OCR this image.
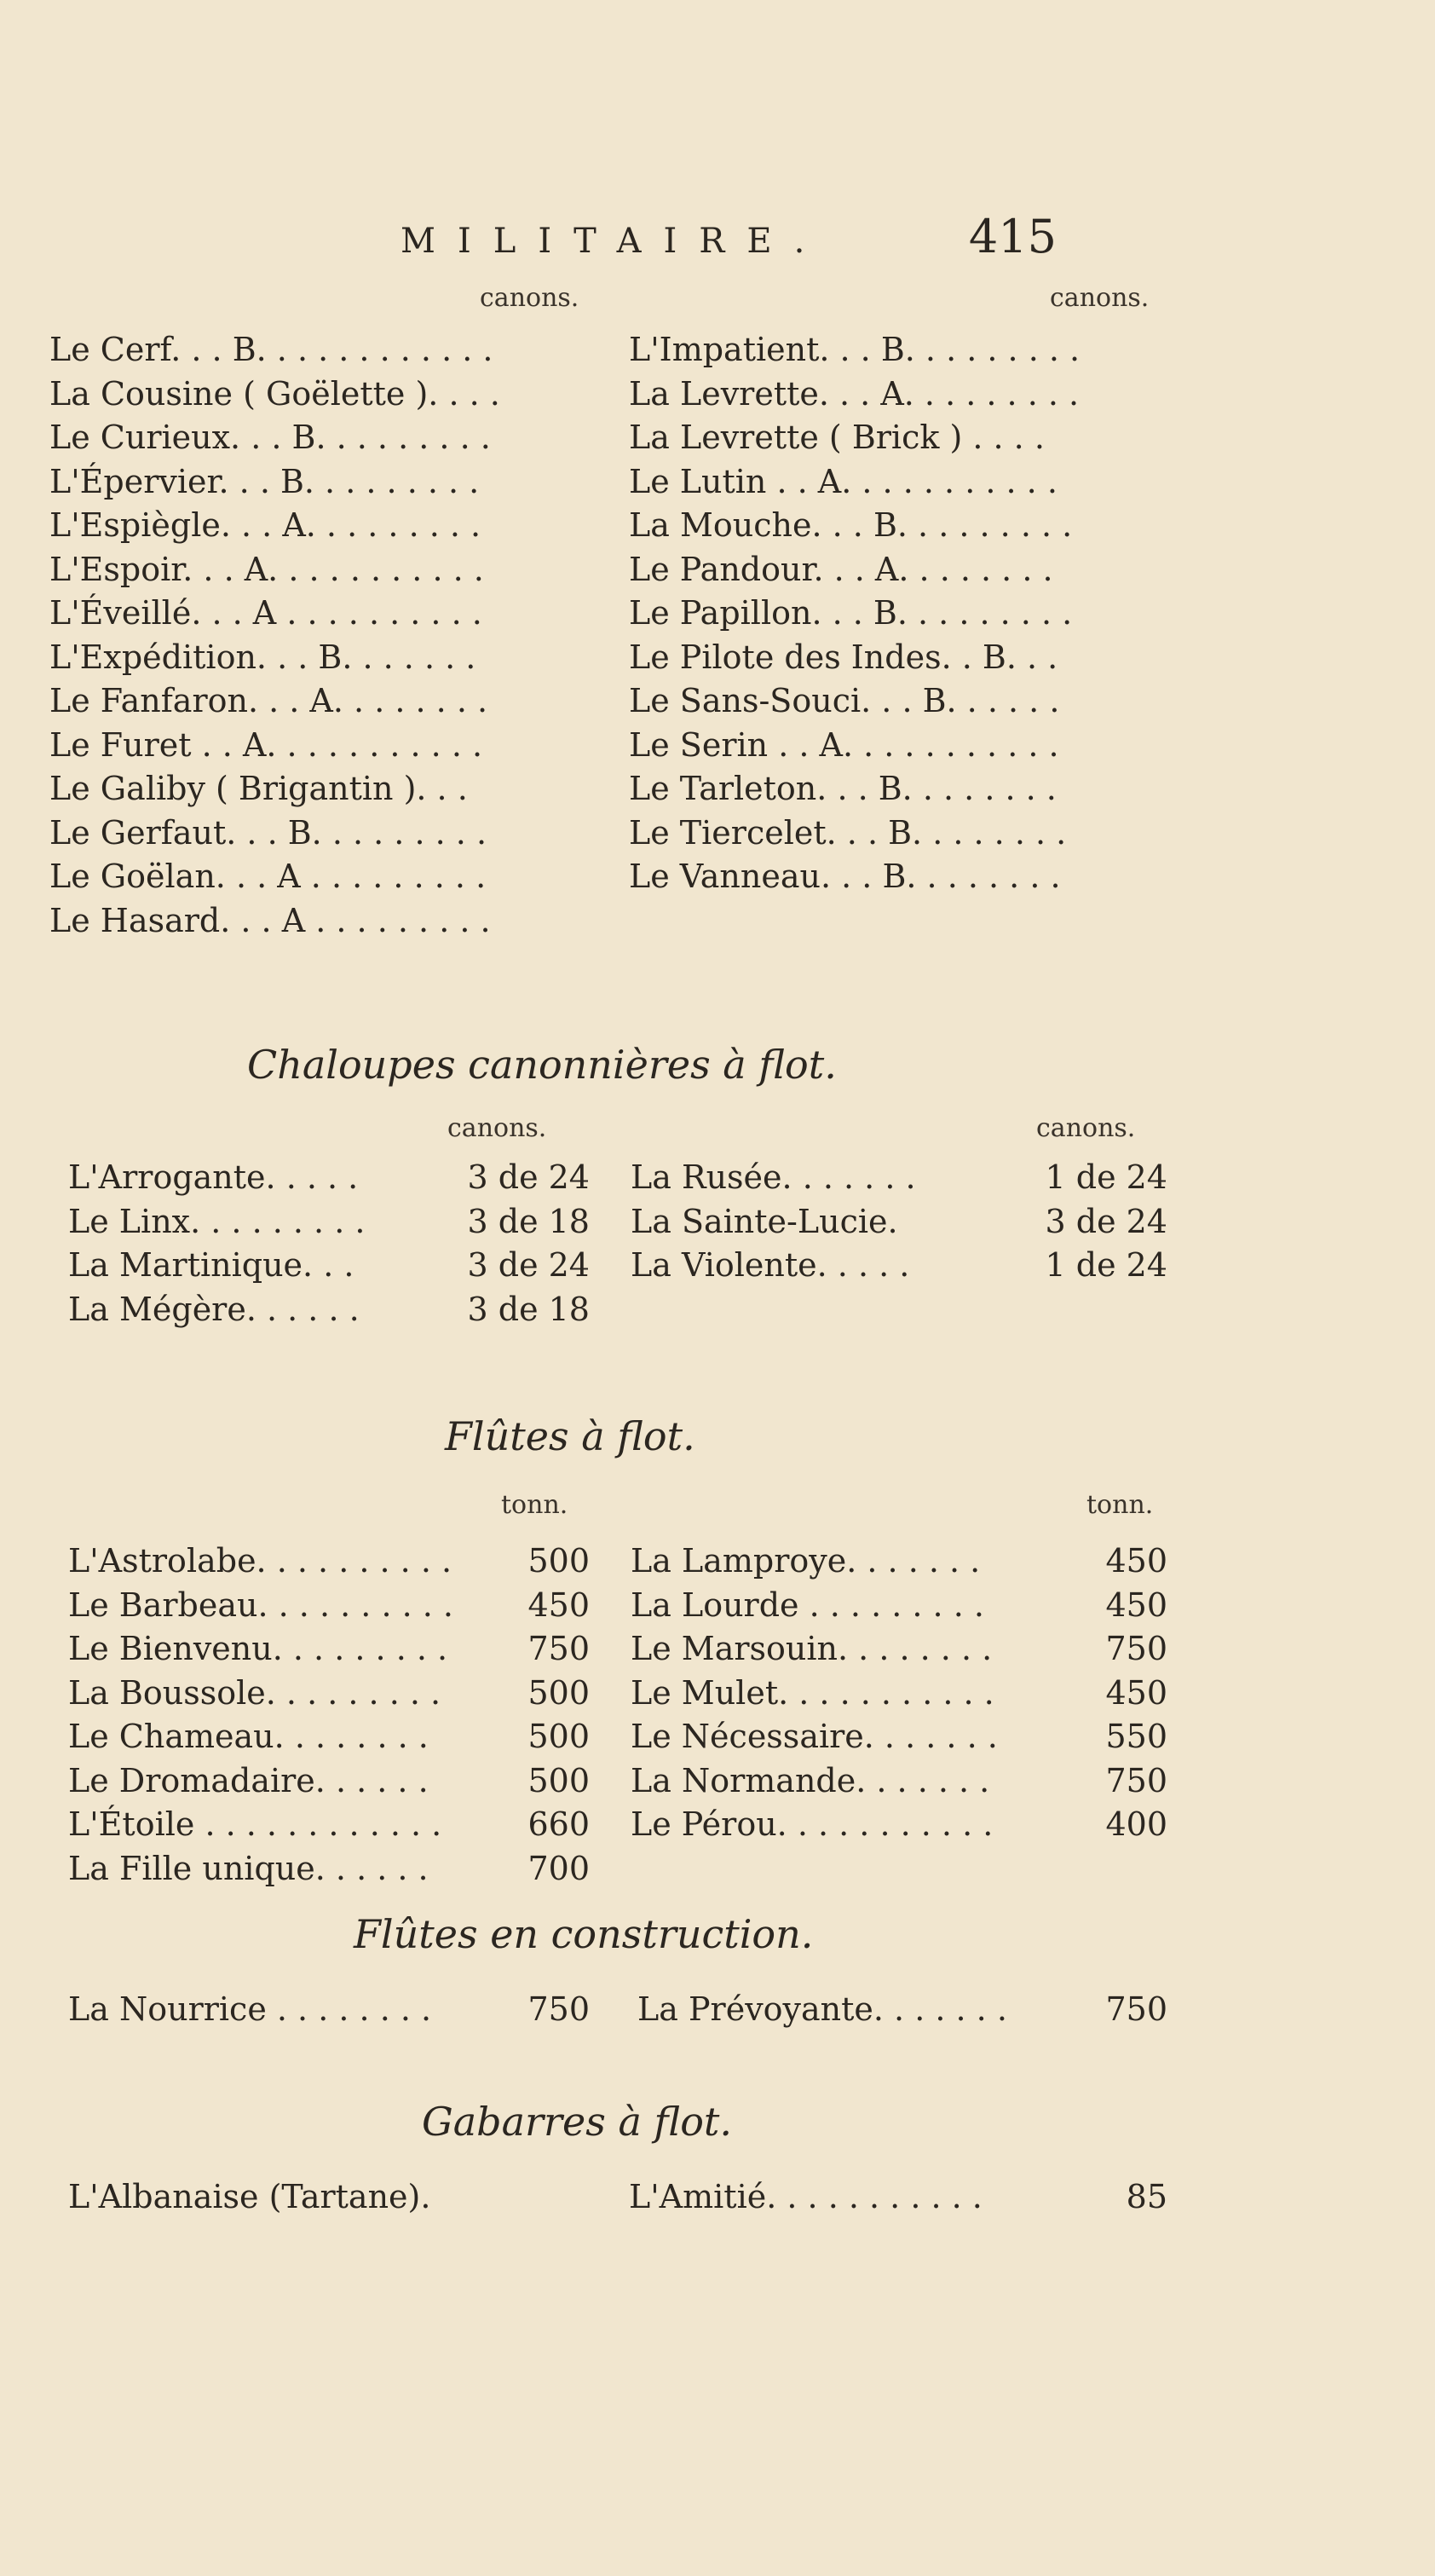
MILITAIRE.	415
canons.	canons.
Le Cerf. . . B. . . . . . . . . . . .
La Cousine ( Goëlette ). . . .
Le Curieux. . . B. . . . . . . . .
L'Épervier. . . B. . . . . . . . .
L'Espiègle. . . A. . . . . . . . .
L'Espoir. . . A. . . . . . . . . . .
L'Éveillé. . . A . . . . . . . . . .
L'Expédition. . . B. . . . . . .
Le Fanfaron. . . A. . . . . . . .
Le Furet . . A. . . . . . . . . . .
Le Galiby ( Brigantin ). . .
Le Gerfaut. . . B. . . . . . . . .
Le Goëlan. . . A . . . . . . . . .
Le Hasard. . . A . . . . . . . . .
L'Impatient. . . B. . . . . . . . .
La Levrette. . . A. . . . . . . . .
La Levrette ( Brick ) . . . .
Le Lutin . . A. . . . . . . . . . .
La Mouche. . . B. . . . . . . . .
Le Pandour. . . A. . . . . . . .
Le Papillon. . . B. . . . . . . . .
Le Pilote des Indes. . B. . .
Le Sans-Souci. . . B. . . . . .
Le Serin . . A. . . . . . . . . . .
Le Tarleton. . . B. . . . . . . .
Le Tiercelet. . . B. . . . . . . .
Le Vanneau. . . B. . . . . . . .
Chaloupes canonnières à flot.
canons.	canons.
L'Arrogante. . . . .	3 de 24
Le Linx. . . . . . . . .	3 de 18
La Martinique. . .	3 de 24
La Mégère. . . . . .	3 de 18
La Rusée. . . . . . .	1 de 24
La Sainte-Lucie.	3 de 24
La Violente. . . . .	1 de 24
Flûtes à flot.
tonn.	tonn.
L'Astrolabe. . . . . . . . . . 500
Le Barbeau. . . . . . . . . . 450
Le Bienvenu. . . . . . . . . 750
La Boussole. . . . . . . . .	500
Le Chameau. . . . . . . .	500
Le Dromadaire. . . . . .	500
L'Étoile . . . . . . . . . . . .	660
La Fille unique. . . . . .	700
La Lamproye. . . . . . .	450
La Lourde . . . . . . . . .	450
Le Marsouin. . . . . . . .	750
Le Mulet. . . . . . . . . . .	450
Le Nécessaire. . . . . . .	550
La Normande. . . . . . .	750
Le Pérou. . . . . . . . . . .	400
Flûtes en construction.
La Nourrice . . . . . . . .	750 La Prévoyante. . . . . . .	750
Gabarres à flot.
L'Albanaise (Tartane).	L'Amitié. . . . . . . . . . .	85
